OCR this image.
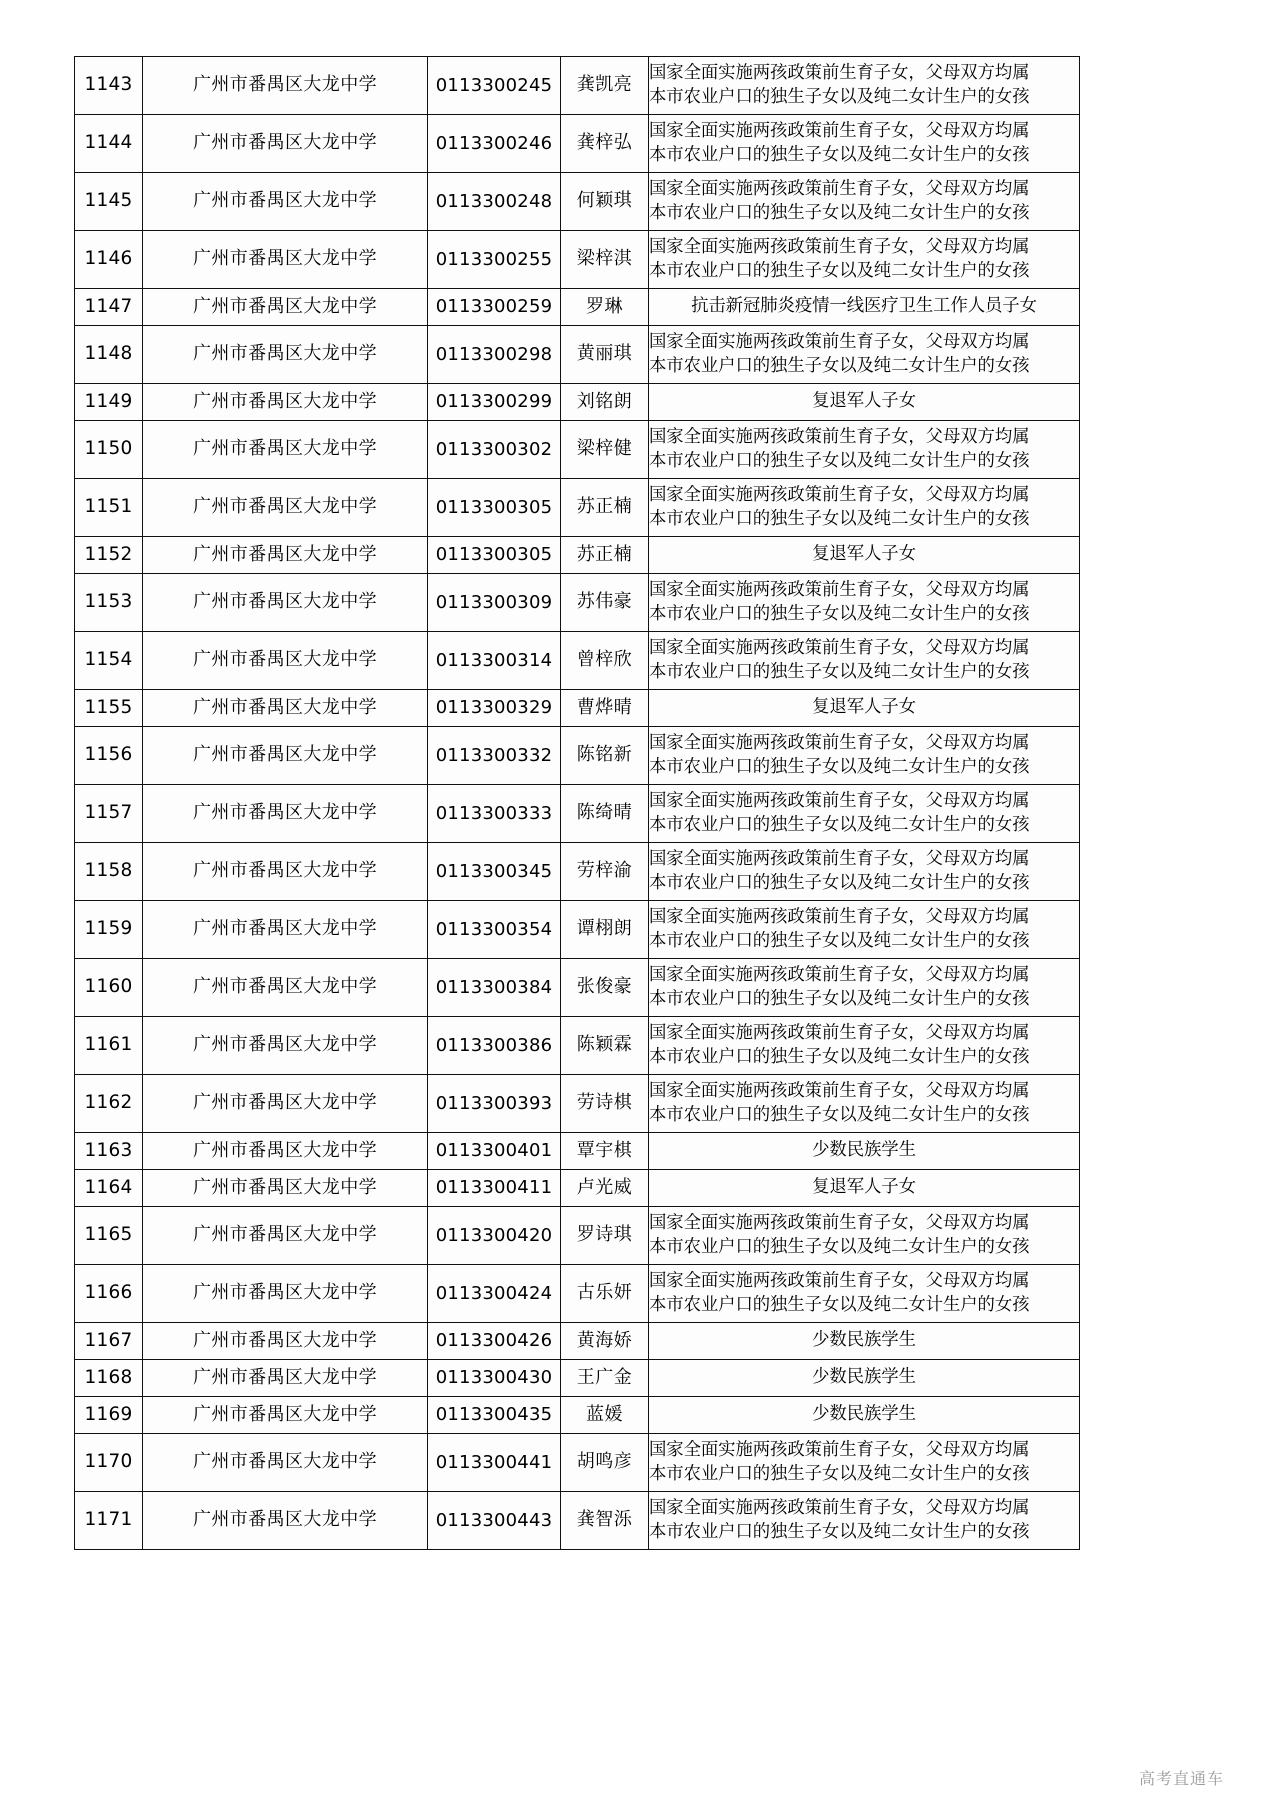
1143	广州市番禺区大龙中学	0113300245	龚凯亮	国家全面实施两孩政策前生育子女，父母双方均属
本市农业户口的独生子女以及纯二女计生户的女孩

1144	广州市番禺区大龙中学	0113300246	龚梓弘	国家全面实施两孩政策前生育子女，父母双方均属
本市农业户口的独生子女以及纯二女计生户的女孩

1145	广州市番禺区大龙中学	0113300248	何颖琪	国家全面实施两孩政策前生育子女，父母双方均属
本市农业户口的独生子女以及纯二女计生户的女孩

1146	广州市番禺区大龙中学	0113300255	梁梓淇	国家全面实施两孩政策前生育子女，父母双方均属
本市农业户口的独生子女以及纯二女计生户的女孩

1147	广州市番禺区大龙中学	0113300259	罗琳	抗击新冠肺炎疫情一线医疗卫生工作人员子女
1148	广州市番禺区大龙中学	0113300298	黄丽琪	国家全面实施两孩政策前生育子女，父母双方均属
本市农业户口的独生子女以及纯二女计生户的女孩

1149	广州市番禺区大龙中学	0113300299	刘铭朗	复退军人子女
1150	广州市番禺区大龙中学	0113300302	梁梓健	国家全面实施两孩政策前生育子女，父母双方均属
本市农业户口的独生子女以及纯二女计生户的女孩

1151	广州市番禺区大龙中学	0113300305	苏正楠	国家全面实施两孩政策前生育子女，父母双方均属
本市农业户口的独生子女以及纯二女计生户的女孩

1152	广州市番禺区大龙中学	0113300305	苏正楠	复退军人子女
1153	广州市番禺区大龙中学	0113300309	苏伟豪	国家全面实施两孩政策前生育子女，父母双方均属
本市农业户口的独生子女以及纯二女计生户的女孩

1154	广州市番禺区大龙中学	0113300314	曾梓欣	国家全面实施两孩政策前生育子女，父母双方均属
本市农业户口的独生子女以及纯二女计生户的女孩

1155	广州市番禺区大龙中学	0113300329	曹烨晴	复退军人子女
1156	广州市番禺区大龙中学	0113300332	陈铭新	国家全面实施两孩政策前生育子女，父母双方均属
本市农业户口的独生子女以及纯二女计生户的女孩

1157	广州市番禺区大龙中学	0113300333	陈绮晴	国家全面实施两孩政策前生育子女，父母双方均属
本市农业户口的独生子女以及纯二女计生户的女孩

1158	广州市番禺区大龙中学	0113300345	劳梓渝	国家全面实施两孩政策前生育子女，父母双方均属
本市农业户口的独生子女以及纯二女计生户的女孩

1159	广州市番禺区大龙中学	0113300354	谭栩朗	国家全面实施两孩政策前生育子女，父母双方均属
本市农业户口的独生子女以及纯二女计生户的女孩

1160	广州市番禺区大龙中学	0113300384	张俊豪	国家全面实施两孩政策前生育子女，父母双方均属
本市农业户口的独生子女以及纯二女计生户的女孩

1161	广州市番禺区大龙中学	0113300386	陈颖霖	国家全面实施两孩政策前生育子女，父母双方均属
本市农业户口的独生子女以及纯二女计生户的女孩

1162	广州市番禺区大龙中学	0113300393	劳诗棋	国家全面实施两孩政策前生育子女，父母双方均属
本市农业户口的独生子女以及纯二女计生户的女孩

1163	广州市番禺区大龙中学	0113300401	覃宇棋	少数民族学生
1164	广州市番禺区大龙中学	0113300411	卢光威	复退军人子女
1165	广州市番禺区大龙中学	0113300420	罗诗琪	国家全面实施两孩政策前生育子女，父母双方均属
本市农业户口的独生子女以及纯二女计生户的女孩

1166	广州市番禺区大龙中学	0113300424	古乐妍	国家全面实施两孩政策前生育子女，父母双方均属
本市农业户口的独生子女以及纯二女计生户的女孩

1167	广州市番禺区大龙中学	0113300426	黄海娇	少数民族学生
1168	广州市番禺区大龙中学	0113300430	王广金	少数民族学生
1169	广州市番禺区大龙中学	0113300435	蓝媛	少数民族学生
1170	广州市番禺区大龙中学	0113300441	胡鸣彦	国家全面实施两孩政策前生育子女，父母双方均属
本市农业户口的独生子女以及纯二女计生户的女孩

1171	广州市番禺区大龙中学	0113300443	龚智泺	国家全面实施两孩政策前生育子女，父母双方均属
本市农业户口的独生子女以及纯二女计生户的女孩
高考直通车
